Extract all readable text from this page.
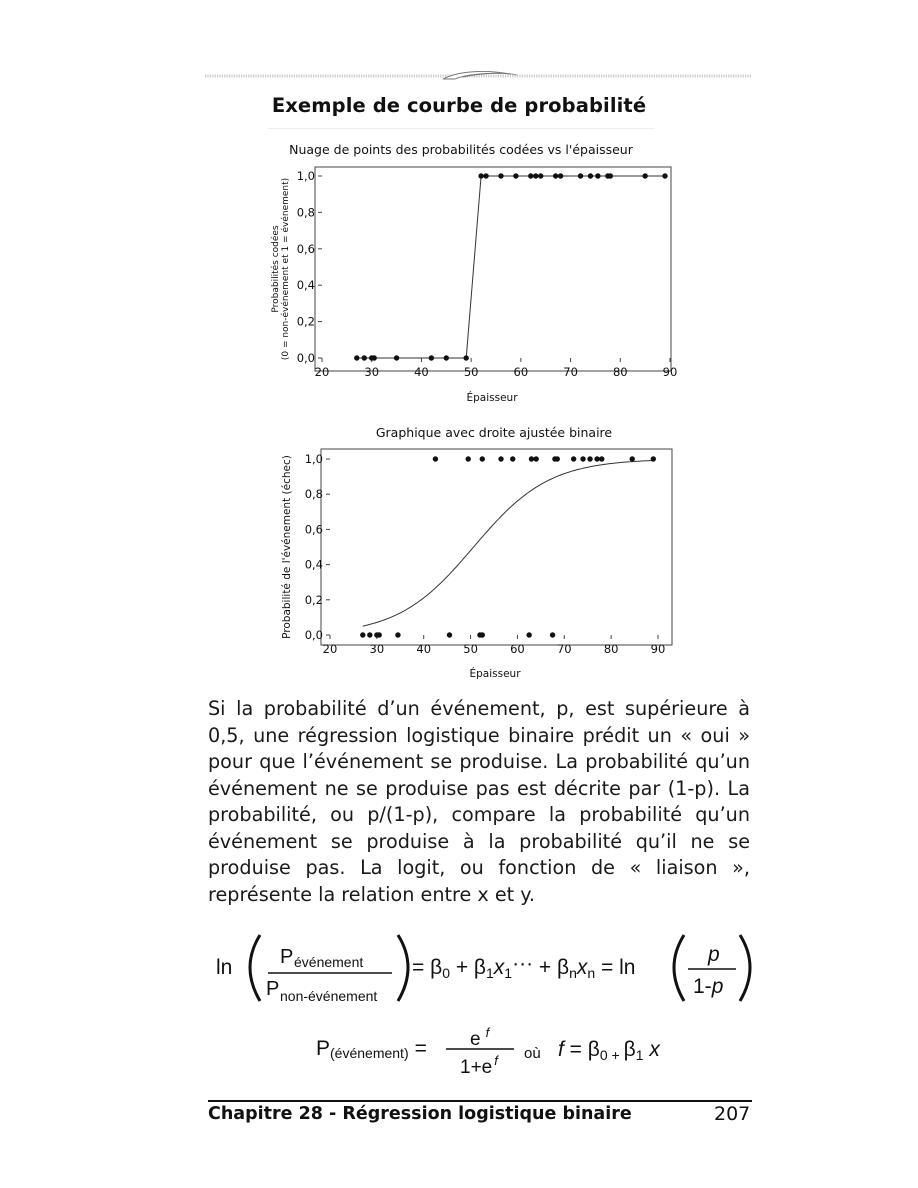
Exemple de courbe de probabilité
Nuage de points des probabilités codées vs l'épaisseur
0,0
0,2
0,4
0,6
0,8
1,0
20	30	40	50	60	70	80	90
Probabilités codées (0 = non-événement et 1 = événement)
Épaisseur
Graphique avec droite ajustée binaire
0,0
0,2
0,4
0,6
0,8
1,0
20	30	40	50	60	70	80	90
Probabilité de l'événement (échec)
Épaisseur
Si la probabilité d’un événement, p, est supérieure à 0,5, une régression logistique binaire prédit un « oui » pour que l’événement se produise. La probabilité qu’un événement ne se produise pas est décrite par (1-p). La probabilité, ou p/(1-p), compare la probabilité qu’un événement se produise à la probabilité qu’il ne se produise pas. La logit, ou fonction de « liaison », représente la relation entre x et y.
ln P événement
P non-événement
= β0 + β1x1··· + βnxn = ln
p
1-p
P(événement) = e $^f$
1+e $^f$ où f = β0 + β1 x
Chapitre 28 - Régression logistique binaire	207
